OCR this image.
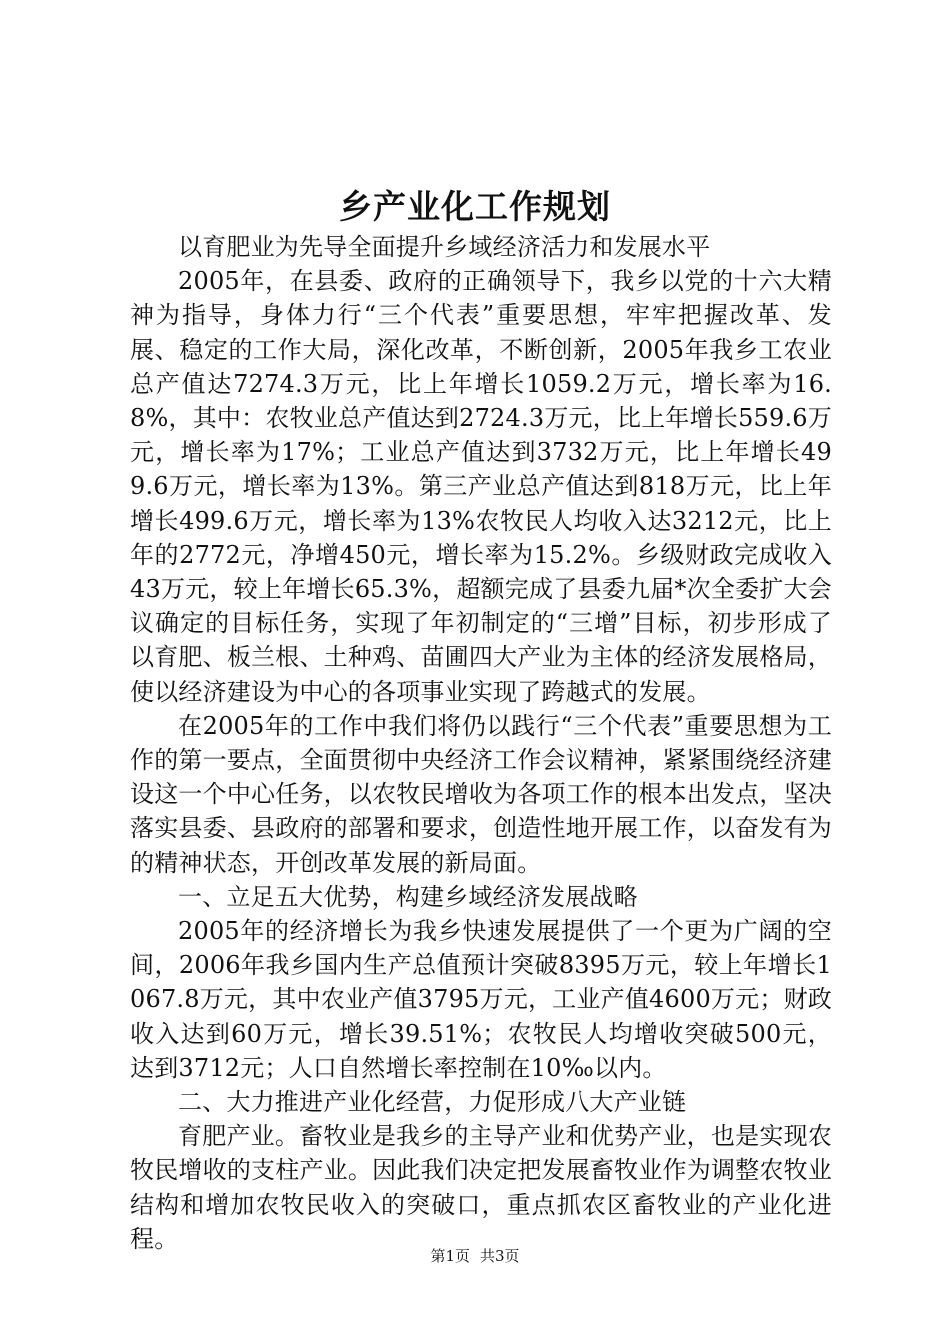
乡产业化工作规划

以育肥业为先导全面提升乡域经济活力和发展水平

2005年，在县委、政府的正确领导下，我乡以党的十六大精神为指导，身体力行“三个代表”重要思想，牢牢把握改革、发展、稳定的工作大局，深化改革，不断创新，2005年我乡工农业总产值达7274.3万元，比上年增长1059.2万元，增长率为16.8%，其中：农牧业总产值达到2724.3万元，比上年增长559.6万元，增长率为17%；工业总产值达到3732万元，比上年增长499.6万元，增长率为13%。第三产业总产值达到818万元，比上年增长499.6万元，增长率为13%农牧民人均收入达3212元，比上年的2772元，净增450元，增长率为15.2%。乡级财政完成收入43万元，较上年增长65.3%，超额完成了县委九届*次全委扩大会议确定的目标任务，实现了年初制定的“三增”目标，初步形成了以育肥、板兰根、土种鸡、苗圃四大产业为主体的经济发展格局，使以经济建设为中心的各项事业实现了跨越式的发展。

在2005年的工作中我们将仍以践行“三个代表”重要思想为工作的第一要点，全面贯彻中央经济工作会议精神，紧紧围绕经济建设这一个中心任务，以农牧民增收为各项工作的根本出发点，坚决落实县委、县政府的部署和要求，创造性地开展工作，以奋发有为的精神状态，开创改革发展的新局面。

一、立足五大优势，构建乡域经济发展战略

2005年的经济增长为我乡快速发展提供了一个更为广阔的空间，2006年我乡国内生产总值预计突破8395万元，较上年增长1067.8万元，其中农业产值3795万元，工业产值4600万元；财政收入达到60万元，增长39.51%；农牧民人均增收突破500元，达到3712元；人口自然增长率控制在10‰以内。

二、大力推进产业化经营，力促形成八大产业链

育肥产业。畜牧业是我乡的主导产业和优势产业，也是实现农牧民增收的支柱产业。因此我们决定把发展畜牧业作为调整农牧业结构和增加农牧民收入的突破口，重点抓农区畜牧业的产业化进程。

第1页 共3页
